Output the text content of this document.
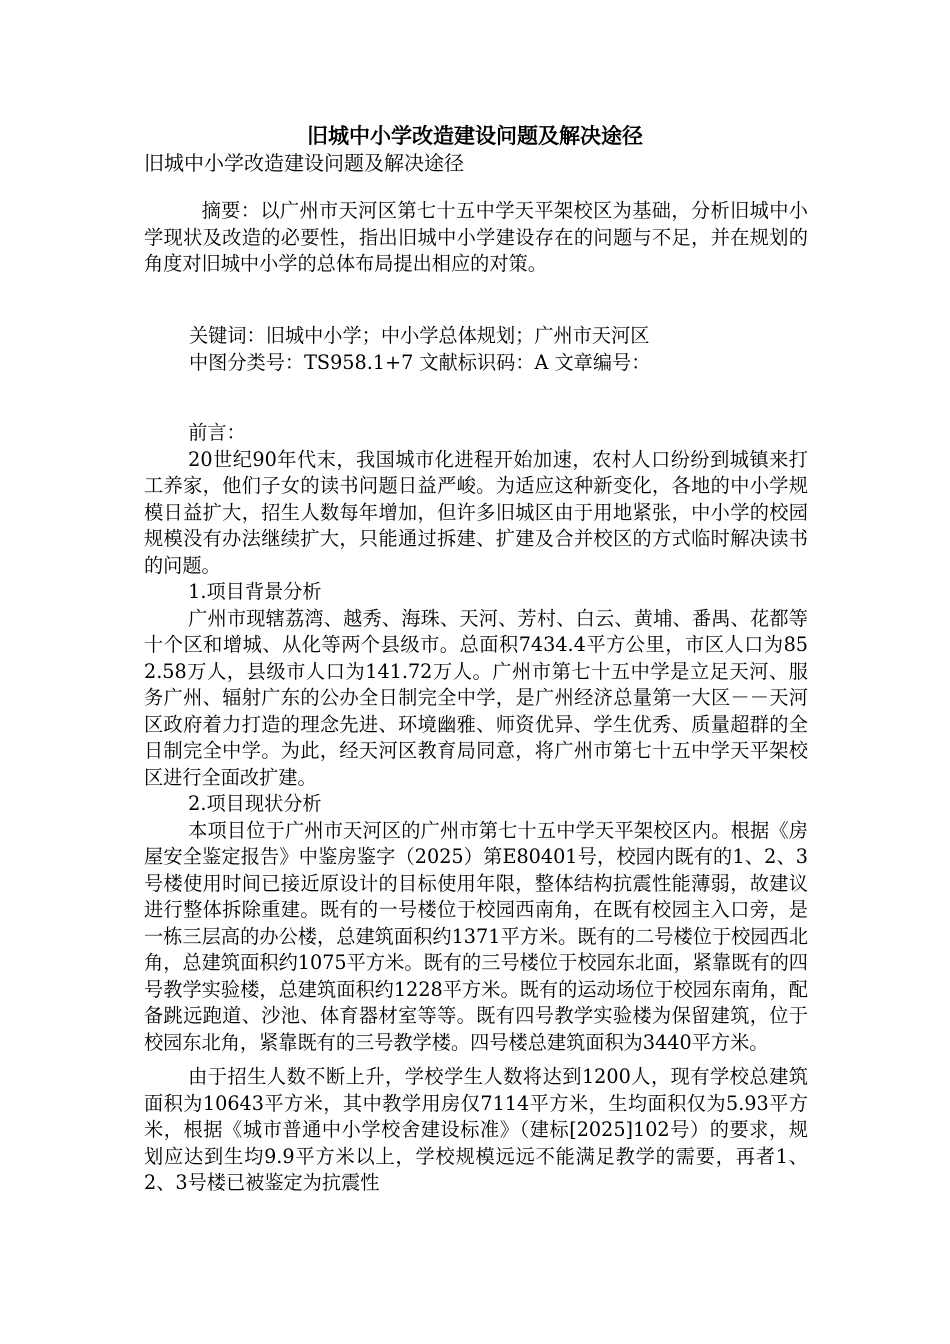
旧城中小学改造建设问题及解决途径
旧城中小学改造建设问题及解决途径
摘要：以广州市天河区第七十五中学天平架校区为基础，分析旧城中小学现状及改造的必要性，指出旧城中小学建设存在的问题与不足，并在规划的角度对旧城中小学的总体布局提出相应的对策。
关键词：旧城中小学；中小学总体规划；广州市天河区
中图分类号：TS958.1+7 文献标识码：A 文章编号：

前言：

20世纪90年代末，我国城市化进程开始加速，农村人口纷纷到城镇来打工养家，他们子女的读书问题日益严峻。为适应这种新变化，各地的中小学规模日益扩大，招生人数每年增加，但许多旧城区由于用地紧张，中小学的校园规模没有办法继续扩大，只能通过拆建、扩建及合并校区的方式临时解决读书的问题。

1.项目背景分析

广州市现辖荔湾、越秀、海珠、天河、芳村、白云、黄埔、番禺、花都等十个区和增城、从化等两个县级市。总面积7434.4平方公里，市区人口为852.58万人，县级市人口为141.72万人。广州市第七十五中学是立足天河、服务广州、辐射广东的公办全日制完全中学，是广州经济总量第一大区－－天河区政府着力打造的理念先进、环境幽雅、师资优异、学生优秀、质量超群的全日制完全中学。为此，经天河区教育局同意，将广州市第七十五中学天平架校区进行全面改扩建。

2.项目现状分析

本项目位于广州市天河区的广州市第七十五中学天平架校区内。根据《房屋安全鉴定报告》中鉴房鉴字（2025）第E80401号，校园内既有的1、2、3号楼使用时间已接近原设计的目标使用年限，整体结构抗震性能薄弱，故建议进行整体拆除重建。既有的一号楼位于校园西南角，在既有校园主入口旁，是一栋三层高的办公楼，总建筑面积约1371平方米。既有的二号楼位于校园西北角，总建筑面积约1075平方米。既有的三号楼位于校园东北面，紧靠既有的四号教学实验楼，总建筑面积约1228平方米。既有的运动场位于校园东南角，配备跳远跑道、沙池、体育器材室等等。既有四号教学实验楼为保留建筑，位于校园东北角，紧靠既有的三号教学楼。四号楼总建筑面积为3440平方米。

由于招生人数不断上升，学校学生人数将达到1200人，现有学校总建筑面积为10643平方米，其中教学用房仅7114平方米，生均面积仅为5.93平方米，根据《城市普通中小学校舍建设标准》（建标[2025]102号）的要求，规划应达到生均9.9平方米以上，学校规模远远不能满足教学的需要，再者1、2、3号楼已被鉴定为抗震性
